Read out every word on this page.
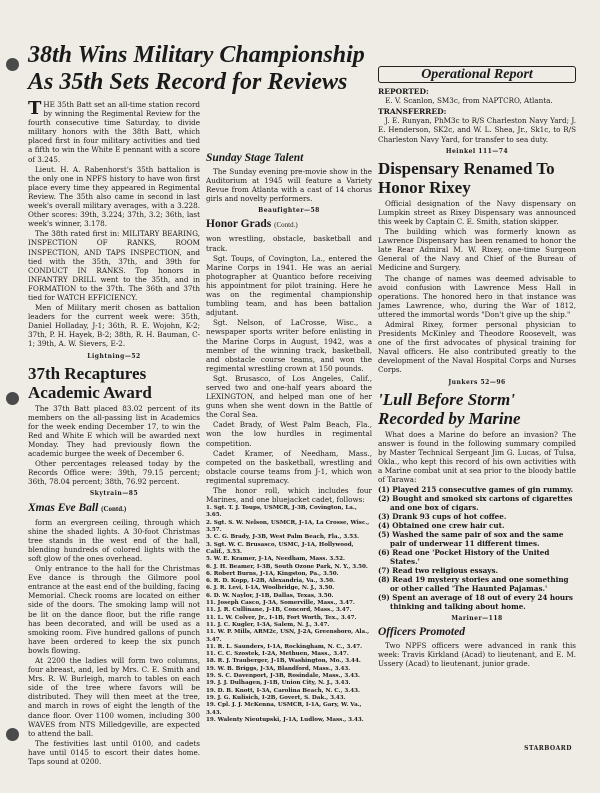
38th Wins Military Championship As 35th Sets Record for Reviews	Operational Report
REPORTED:

E. V. Scanlon, SM3c, from NAPTCRO, Atlanta.

TRANSFERRED:

J. E. Runyan, PhM3c to R/S Charleston Navy Yard; J. E. Henderson, SK2c, and W. L. Shea, Jr., Sk1c, to R/S Charleston Navy Yard, for transfer to sea duty.

Heinkel 111—74
Dispensary Renamed To Honor Rixey

Official designation of the Navy dispensary on Lumpkin street as Rixey Dispensary was announced this week by Captain C. E. Smith, station skipper.

The building which was formerly known as Lawrence Dispensary has been renamed to honor the late Rear Admiral M. W. Rixey, one-time Surgeon General of the Navy and Chief of the Bureau of Medicine and Surgery.

The change of names was deemed advisable to avoid confusion with Lawrence Mess Hall in operations. The honored hero in that instance was James Lawrence, who, during the War of 1812, uttered the immortal words "Don't give up the ship."

Admiral Rixey, former personal physician to Presidents McKinley and Theodore Roosevelt, was one of the first advocates of physical training for Naval officers. He also contributed greatly to the development of the Naval Hospital Corps and Nurses Corps.

Junkers 52—96
'Lull Before Storm' Recorded by Marine

What does a Marine do before an invasion? The answer is found in the following summary compiled by Master Technical Sergeant Jim G. Lucas, of Tulsa, Okla., who kept this record of his own activities with a Marine combat unit at sea prior to the bloody battle of Tarawa:

(1) Played 215 consecutive games of gin rummy.
(2) Bought and smoked six cartons of cigarettes and one box of cigars.
(3) Drank 93 cups of hot coffee.
(4) Obtained one crew hair cut.
(5) Washed the same pair of sox and the same pair of underwear 11 different times.
(6) Read one 'Pocket History of the United States.'
(7) Read two religious essays.
(8) Read 19 mystery stories and one something or other called 'The Haunted Pajamas.'
(9) Spent an average of 18 out of every 24 hours thinking and talking about home.
Mariner—118
Officers Promoted

Two NPFS officers were advanced in rank this week: Travis Kirkland (Acad) to lieutenant, and E. M. Ussery (Acad) to lieutenant, junior grade.

THE 35th Batt set an all-time station record by winning the Regimental Review for the fourth consecutive time Saturday, to divide military honors with the 38th Batt, which placed first in four military activities and tied a fifth to win the White E pennant with a score of 3.245.

Lieut. H. A. Rabenhorst's 35th battalion is the only one in NPFS history to have won first place every time they appeared in Regimental Review. The 35th also came in second in last week's overall military averages, with a 3.228. Other scores: 39th, 3.224; 37th, 3.2; 36th, last week's winner, 3.178.

The 38th rated first in: MILITARY BEARING, INSPECTION OF RANKS, ROOM INSPECTION, AND TAPS INSPECTION, and tied with the 35th, 37th, and 39th for CONDUCT IN RANKS. Top honors in INFANTRY DRILL went to the 35th, and in FORMATION to the 37th. The 36th and 37th tied for WATCH EFFICIENCY.

Men of Military merit chosen as battalion leaders for the current week were: 35th, Daniel Holladay, J-1; 36th, R. E. Wojohn, K-2; 37th, P. H. Hayek, B-2; 38th, R. H. Bauman, C-1; 39th, A. W. Sievers, E-2.

Lightning—52
37th Recaptures Academic Award

The 37th Batt placed 83.02 percent of its members on the all-passing list in Academics for the week ending December 17, to win the Red and White E which will be awarded next Monday. They had previously flown the academic burgee the week of December 6.

Other percentages released today by the Records Office were: 39th, 79.15 percent; 36th, 78.04 percent; 38th, 76.92 percent.

Skytrain—85
Xmas Eve Ball (Contd.)

form an evergreen ceiling, through which shine the shaded lights. A 30-foot Christmas tree stands in the west end of the hall, blending hundreds of colored lights with the soft glow of the ones overhead.

Only entrance to the hall for the Christmas Eve dance is through the Gilmore pool entrance at the east end of the building, facing Memorial. Check rooms are located on either side of the doors. The smoking lamp will not be lit on the dance floor, but the rifle range has been decorated, and will be used as a smoking room. Five hundred gallons of punch have been ordered to keep the six punch bowls flowing.

At 2200 the ladies will form two columns, four abreast, and, led by Mrs. C. E. Smith and Mrs. R. W. Burleigh, march to tables on each side of the tree where favors will be distributed. They will then meet at the tree, and march in rows of eight the length of the dance floor. Over 1100 women, including 300 WAVES from NTS Milledgeville, are expected to attend the ball.

The festivities last until 0100, and cadets have until 0145 to escort their dates home. Taps sound at 0200.

Sunday Stage Talent

The Sunday evening pre-movie show in the Auditorium at 1945 will feature a Variety Revue from Atlanta with a cast of 14 chorus girls and novelty performers.

Beaufighter—58
Honor Grads (Contd.)

won wrestling, obstacle, basketball and track.

Sgt. Toups, of Covington, La., entered the Marine Corps in 1941. He was an aerial photographer at Quantico before receiving his appointment for pilot training. Here he was on the regimental championship tumbling team, and has been battalion adjutant.

Sgt. Nelson, of LaCrosse, Wisc., a newspaper sports writer before enlisting in the Marine Corps in August, 1942, was a member of the winning track, basketball, and obstacle course teams, and won the regimental wrestling crown at 150 pounds.

Sgt. Brusasco, of Los Angeles, Calif., served two and one-half years aboard the LEXINGTON, and helped man one of her guns when she went down in the Battle of the Coral Sea.

Cadet Brady, of West Palm Beach, Fla., won the low hurdles in regimental competition.

Cadet Kramer, of Needham, Mass., competed on the basketball, wrestling and obstacle course teams from J-1, which won regimental supremacy.

The honor roll, which includes four Marines, and one bluejacket cadet, follows:

1. Sgt. T. J. Toups, USMCR, J-3B, Covington, La., 3.65.
2. Sgt. S. W. Nelson, USMCR, J-1A, La Crosse, Wisc., 3.57.
3. C. G. Brady, J-3B, West Palm Beach, Fla., 3.53.
3. Sgt. W. C. Brusasco, USMC, J-1A, Hollywood, Calif., 3.53.
5. W. E. Kramer, J-1A, Needham, Mass. 3.52.
6. J. H. Beamer, I-3B, South Ozone Park, N. Y., 3.50.
6. Robert Burns, J-1A, Kingston, Pa., 3.50.
6. R. D. Kopp, I-2B, Alexandria, Va., 3.50.
6. J. R. Levi, I-1A, Woolbridge, N. J., 3.50.
6. D. W. Naylor, J-1B, Dallas, Texas, 3.50.
11. Joseph Casco, J-3A, Somerville, Mass., 3.47.
11. J. R. Cullinane, J-1B, Concord, Mass., 3.47.
11. L. W. Colver, Jr., I-1B, Fort Worth, Tex., 3.47.
11. J. C. Kugler, I-3A, Salem, N. J., 3.47.
11. W. P. Mills, ARM2c, USN, J-2A, Greensboro, Ala., 3.47.
11. R. L. Saunders, I-1A, Rockingham, N. C., 3.47.
11. C. C. Szostek, I-2A, Methuen, Mass., 3.47.
18. R. J. Trauberger, J-1B, Washington, Mo., 3.44.
19. W. B. Briggs, J-3A, Blandford, Mass., 3.43.
19. S. C. Davenport, J-3B, Rosindale, Mass., 3.43.
19. J. J. Dulhagen, J-1B, Union City, N. J., 3.43.
19. D. B. Knott, I-3A, Carolina Beach, N. C., 3.43.
19. J. G. Kulisich, I-2B, Govert, S. Dak., 3.43.
19. Cpl. J. J. McKenna, USMCR, I-1A, Gary, W. Va., 3.43.
19. Walenty Nieutupski, J-1A, Ludlow, Mass., 3.43.
STARBOARD
